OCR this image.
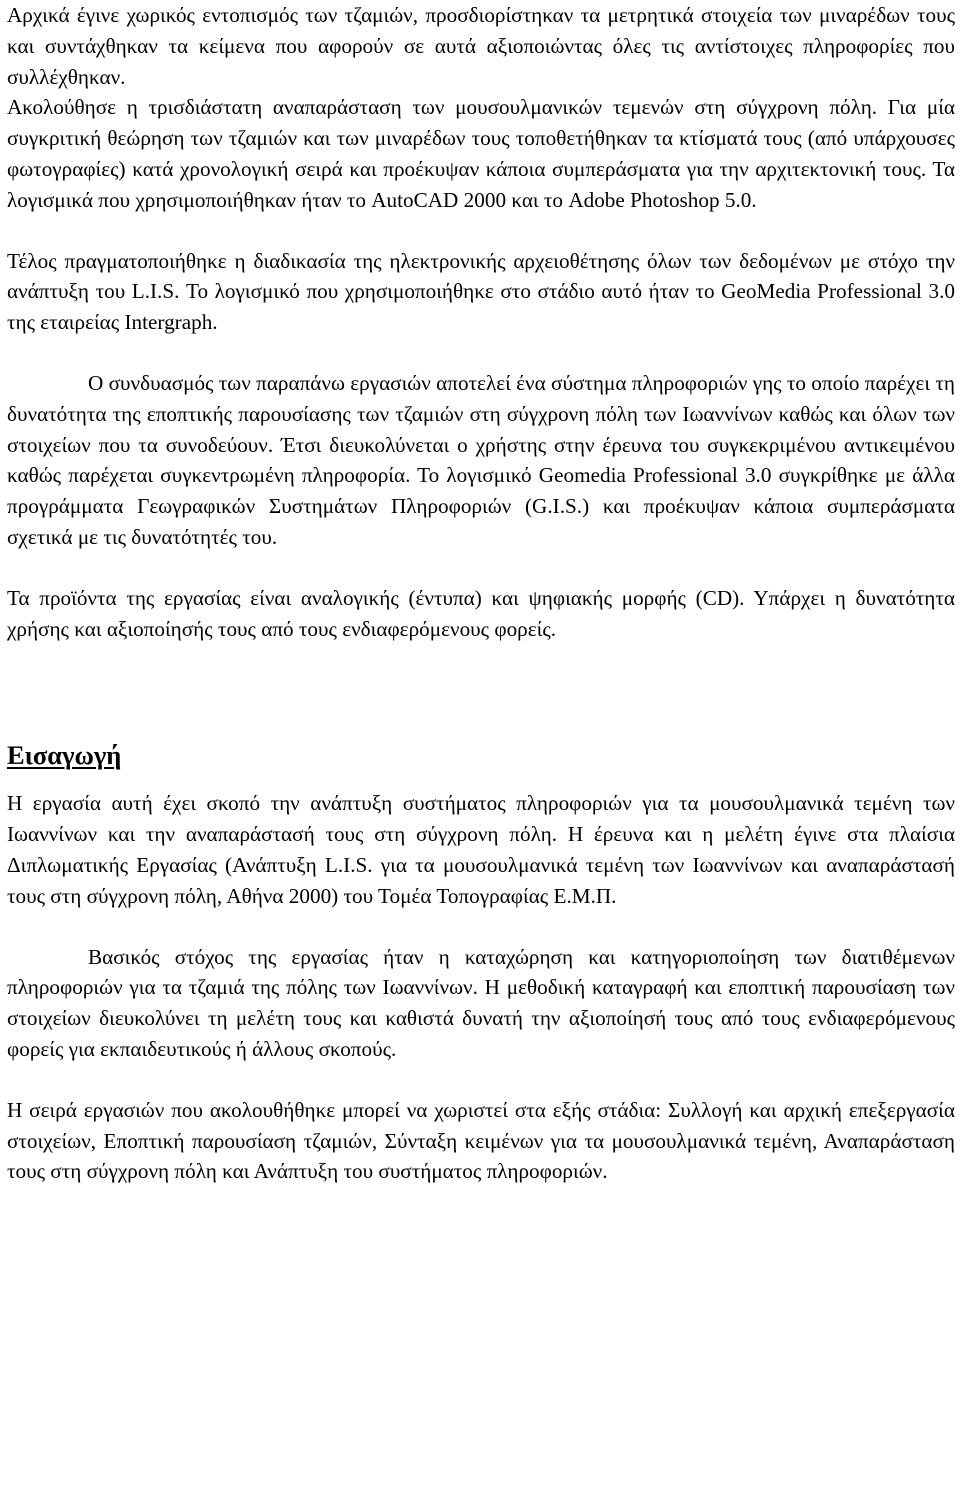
Αρχικά έγινε χωρικός εντοπισμός των τζαμιών, προσδιορίστηκαν τα μετρητικά στοιχεία των μιναρέδων τους και συντάχθηκαν τα κείμενα που αφορούν σε αυτά αξιοποιώντας όλες τις αντίστοιχες πληροφορίες που συλλέχθηκαν.

Ακολούθησε η τρισδιάστατη αναπαράσταση των μουσουλμανικών τεμενών στη σύγχρονη πόλη. Για μία συγκριτική θεώρηση των τζαμιών και των μιναρέδων τους τοποθετήθηκαν τα κτίσματά τους (από υπάρχουσες φωτογραφίες) κατά χρονολογική σειρά και προέκυψαν κάποια συμπεράσματα για την αρχιτεκτονική τους. Τα λογισμικά που χρησιμοποιήθηκαν ήταν το AutoCAD 2000 και το Adobe Photoshop 5.0.

Τέλος πραγματοποιήθηκε η διαδικασία της ηλεκτρονικής αρχειοθέτησης όλων των δεδομένων με στόχο την ανάπτυξη του L.I.S. Το λογισμικό που χρησιμοποιήθηκε στο στάδιο αυτό ήταν το GeoMedia Professional 3.0 της εταιρείας Intergraph.

Ο συνδυασμός των παραπάνω εργασιών αποτελεί ένα σύστημα πληροφοριών γης το οποίο παρέχει τη δυνατότητα της εποπτικής παρουσίασης των τζαμιών στη σύγχρονη πόλη των Ιωαννίνων καθώς και όλων των στοιχείων που τα συνοδεύουν. Έτσι διευκολύνεται ο χρήστης στην έρευνα του συγκεκριμένου αντικειμένου καθώς παρέχεται συγκεντρωμένη πληροφορία. Το λογισμικό Geomedia Professional 3.0 συγκρίθηκε με άλλα προγράμματα Γεωγραφικών Συστημάτων Πληροφοριών (G.I.S.) και προέκυψαν κάποια συμπεράσματα σχετικά με τις δυνατότητές του.

Τα προϊόντα της εργασίας είναι αναλογικής (έντυπα) και ψηφιακής μορφής (CD). Υπάρχει η δυνατότητα χρήσης και αξιοποίησής τους από τους ενδιαφερόμενους φορείς.

Εισαγωγή

Η εργασία αυτή έχει σκοπό την ανάπτυξη συστήματος πληροφοριών για τα μουσουλμανικά τεμένη των Ιωαννίνων και την αναπαράστασή τους στη σύγχρονη πόλη. Η έρευνα και η μελέτη έγινε στα πλαίσια Διπλωματικής Εργασίας (Ανάπτυξη L.I.S. για τα μουσουλμανικά τεμένη των Ιωαννίνων και αναπαράστασή τους στη σύγχρονη πόλη, Αθήνα 2000) του Τομέα Τοπογραφίας Ε.Μ.Π.

Βασικός στόχος της εργασίας ήταν η καταχώρηση και κατηγοριοποίηση των διατιθέμενων πληροφοριών για τα τζαμιά της πόλης των Ιωαννίνων. Η μεθοδική καταγραφή και εποπτική παρουσίαση των στοιχείων διευκολύνει τη μελέτη τους και καθιστά δυνατή την αξιοποίησή τους από τους ενδιαφερόμενους φορείς για εκπαιδευτικούς ή άλλους σκοπούς.

Η σειρά εργασιών που ακολουθήθηκε μπορεί να χωριστεί στα εξής στάδια: Συλλογή και αρχική επεξεργασία στοιχείων, Εποπτική παρουσίαση τζαμιών, Σύνταξη κειμένων για τα μουσουλμανικά τεμένη, Αναπαράσταση τους στη σύγχρονη πόλη και Ανάπτυξη του συστήματος πληροφοριών.
